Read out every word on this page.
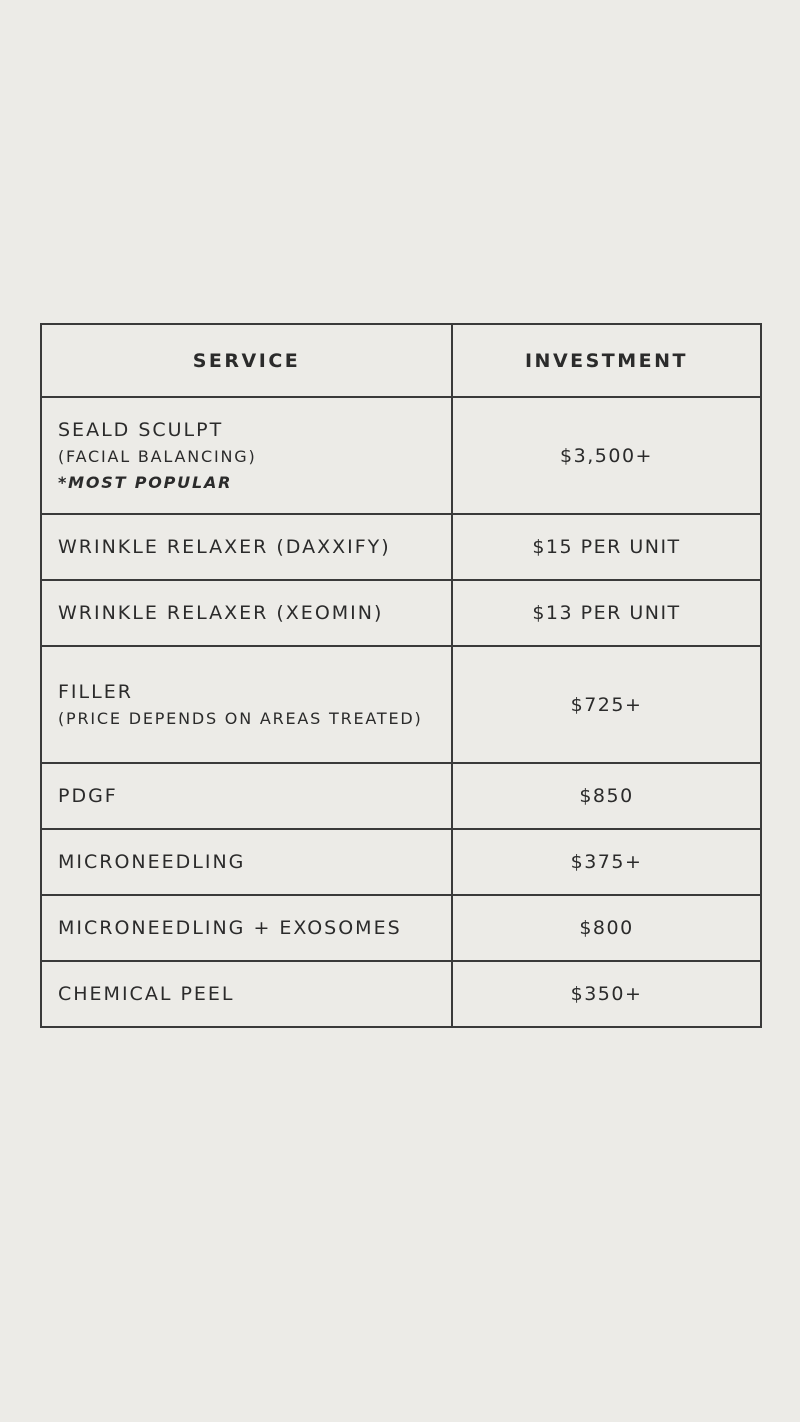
SERVICE	INVESTMENT

SEALD SCULPT
(FACIAL BALANCING)
*MOST POPULAR	$3,500+
WRINKLE RELAXER (DAXXIFY)	$15 PER UNIT
WRINKLE RELAXER (XEOMIN)	$13 PER UNIT

FILLER
(PRICE DEPENDS ON AREAS TREATED)	$725+
PDGF	$850
MICRONEEDLING	$375+
MICRONEEDLING + EXOSOMES	$800
CHEMICAL PEEL	$350+
